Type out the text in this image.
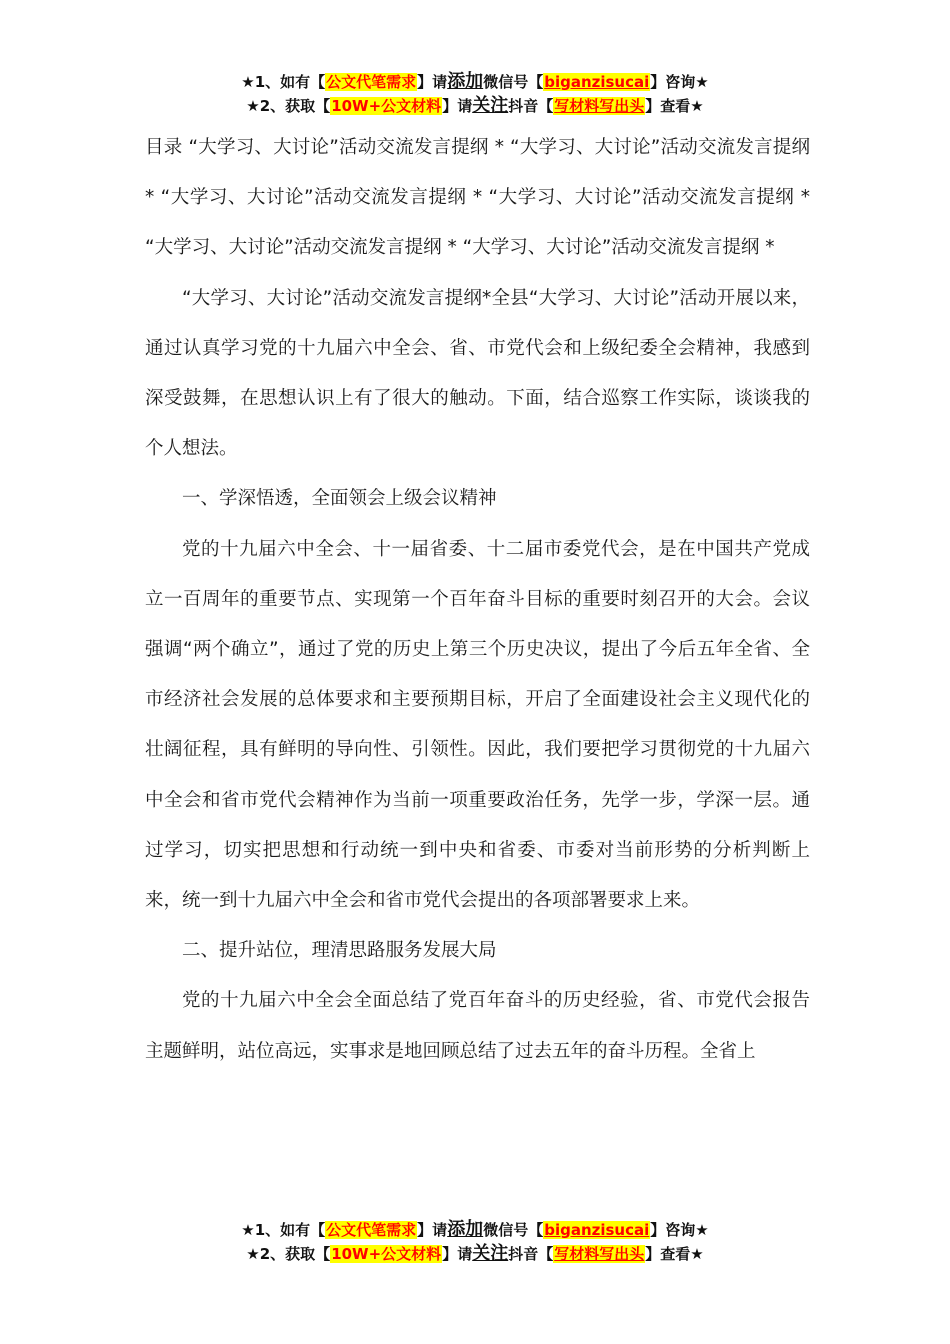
★1、如有【公文代笔需求】请添加微信号【biganzisucai】咨询★
★2、获取【10W+公文材料】请关注抖音【写材料写出头】查看★

目录 “大学习、大讨论”活动交流发言提纲 * “大学习、大讨论”活动交流发言提纲 * “大学习、大讨论”活动交流发言提纲 * “大学习、大讨论”活动交流发言提纲 * “大学习、大讨论”活动交流发言提纲 * “大学习、大讨论”活动交流发言提纲 *

“大学习、大讨论”活动交流发言提纲*全县“大学习、大讨论”活动开展以来，通过认真学习党的十九届六中全会、省、市党代会和上级纪委全会精神，我感到深受鼓舞，在思想认识上有了很大的触动。下面，结合巡察工作实际，谈谈我的个人想法。

一、学深悟透，全面领会上级会议精神

党的十九届六中全会、十一届省委、十二届市委党代会，是在中国共产党成立一百周年的重要节点、实现第一个百年奋斗目标的重要时刻召开的大会。会议强调“两个确立”，通过了党的历史上第三个历史决议，提出了今后五年全省、全市经济社会发展的总体要求和主要预期目标，开启了全面建设社会主义现代化的壮阔征程，具有鲜明的导向性、引领性。因此，我们要把学习贯彻党的十九届六中全会和省市党代会精神作为当前一项重要政治任务，先学一步，学深一层。通过学习，切实把思想和行动统一到中央和省委、市委对当前形势的分析判断上来，统一到十九届六中全会和省市党代会提出的各项部署要求上来。

二、提升站位，理清思路服务发展大局

党的十九届六中全会全面总结了党百年奋斗的历史经验，省、市党代会报告主题鲜明，站位高远，实事求是地回顾总结了过去五年的奋斗历程。全省上

★1、如有【公文代笔需求】请添加微信号【biganzisucai】咨询★
★2、获取【10W+公文材料】请关注抖音【写材料写出头】查看★
